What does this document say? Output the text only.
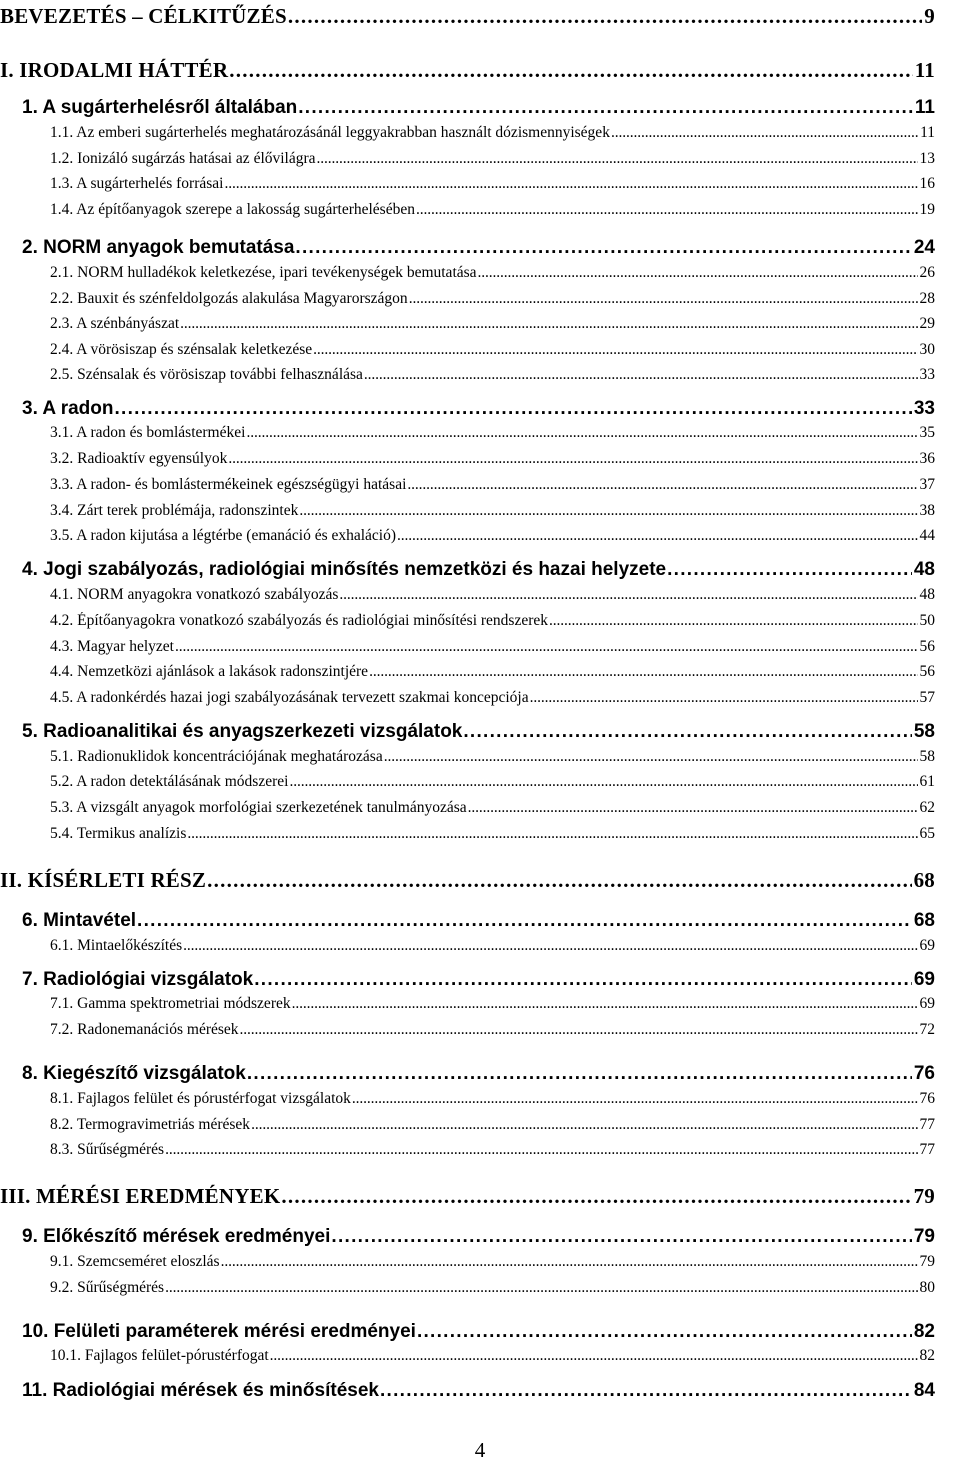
BEVEZETÉS – CÉLKITŰZÉS . . .	9
I. IRODALMI HÁTTÉR . . .	11
1. A sugárterhelésről általában . . .	11
1.1. Az emberi sugárterhelés meghatározásánál leggyakrabban használt dózismennyiségek . . .	11
1.2. Ionizáló sugárzás hatásai az élővilágra . . .	13
1.3. A sugárterhelés forrásai . . .	16
1.4. Az építőanyagok szerepe a lakosság sugárterhelésében . . .	19
2. NORM anyagok bemutatása . . .	24
2.1. NORM hulladékok keletkezése, ipari tevékenységek bemutatása . . .	26
2.2. Bauxit és szénfeldolgozás alakulása Magyarországon . . .	28
2.3. A szénbányászat . . .	29
2.4. A vörösiszap és szénsalak keletkezése . . .	30
2.5. Szénsalak és vörösiszap további felhasználása . . .	33
3. A radon . . .	33
3.1. A radon és bomlástermékei . . .	35
3.2. Radioaktív egyensúlyok . . .	36
3.3. A radon- és bomlástermékeinek egészségügyi hatásai . . .	37
3.4. Zárt terek problémája, radonszintek . . .	38
3.5. A radon kijutása a légtérbe (emanáció és exhaláció) . . .	44
4. Jogi szabályozás, radiológiai minősítés nemzetközi és hazai helyzete . . .	48
4.1. NORM anyagokra vonatkozó szabályozás . . .	48
4.2. Építőanyagokra vonatkozó szabályozás és radiológiai minősítési rendszerek . . .	50
4.3. Magyar helyzet . . .	56
4.4. Nemzetközi ajánlások a lakások radonszintjére . . .	56
4.5. A radonkérdés hazai jogi szabályozásának tervezett szakmai koncepciója . . .	57
5. Radioanalitikai és anyagszerkezeti vizsgálatok . . .	58
5.1. Radionuklidok koncentrációjának meghatározása . . .	58
5.2. A radon detektálásának módszerei . . .	61
5.3. A vizsgált anyagok morfológiai szerkezetének tanulmányozása . . .	62
5.4. Termikus analízis . . .	65
II. KÍSÉRLETI RÉSZ . . .	68
6. Mintavétel . . .	68
6.1. Mintaelőkészítés . . .	69
7. Radiológiai vizsgálatok . . .	69
7.1. Gamma spektrometriai módszerek . . .	69
7.2. Radonemanációs mérések . . .	72
8. Kiegészítő vizsgálatok . . .	76
8.1. Fajlagos felület és pórustérfogat vizsgálatok . . .	76
8.2. Termogravimetriás mérések . . .	77
8.3. Sűrűségmérés . . .	77
III. MÉRÉSI EREDMÉNYEK . . .	79
9. Előkészítő mérések eredményei . . .	79
9.1. Szemcseméret eloszlás . . .	79
9.2. Sűrűségmérés . . .	80
10. Felületi paraméterek mérési eredményei . . .	82
10.1. Fajlagos felület-pórustérfogat . . .	82
11. Radiológiai mérések és minősítések . . .	84
4
